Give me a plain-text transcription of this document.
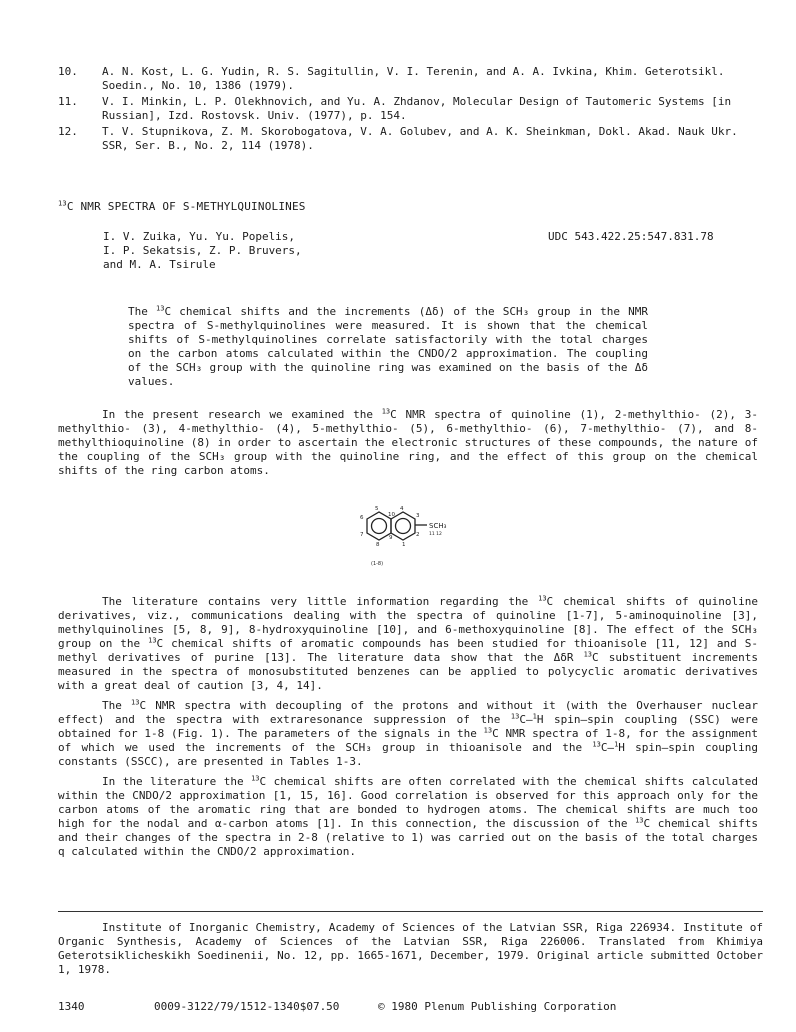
10.	A. N. Kost, L. G. Yudin, R. S. Sagitullin, V. I. Terenin, and A. A. Ivkina, Khim. Geterotsikl. Soedin., No. 10, 1386 (1979).
11.	V. I. Minkin, L. P. Olekhnovich, and Yu. A. Zhdanov, Molecular Design of Tautomeric Systems [in Russian], Izd. Rostovsk. Univ. (1977), p. 154.
12.	T. V. Stupnikova, Z. M. Skorobogatova, V. A. Golubev, and A. K. Sheinkman, Dokl. Akad. Nauk Ukr. SSR, Ser. B., No. 2, 114 (1978).
$^{13}$C NMR SPECTRA OF S-METHYLQUINOLINES
I. V. Zuika, Yu. Yu. Popelis,
I. P. Sekatsis, Z. P. Bruvers,
and M. A. Tsirule
UDC 543.422.25:547.831.78
The $^{13}$C chemical shifts and the increments (Δδ) of the SCH₃ group in the NMR spectra of S-methylquinolines were measured. It is shown that the chemical shifts of S-methylquinolines correlate satisfactorily with the total charges on the carbon atoms calculated within the CNDO/2 approximation. The coupling of the SCH₃ group with the quinoline ring was examined on the basis of the Δδ values.

In the present research we examined the $^{13}$C NMR spectra of quinoline (1), 2-methylthio- (2), 3-methylthio- (3), 4-methylthio- (4), 5-methylthio- (5), 6-methylthio- (6), 7-methylthio- (7), and 8-methylthioquinoline (8) in order to ascertain the electronic structures of these compounds, the nature of the coupling of the SCH₃ group with the quinoline ring, and the effect of this group on the chemical shifts of the ring carbon atoms.

5
10
4
3
6
7
8
9	2
1
SCH₃
11 12
(1-8)

The literature contains very little information regarding the $^{13}$C chemical shifts of quinoline derivatives, viz., communications dealing with the spectra of quinoline [1-7], 5-aminoquinoline [3], methylquinolines [5, 8, 9], 8-hydroxyquinoline [10], and 6-methoxyquinoline [8]. The effect of the SCH₃ group on the $^{13}$C chemical shifts of aromatic compounds has been studied for thioanisole [11, 12] and S-methyl derivatives of purine [13]. The literature data show that the ΔδR $^{13}$C substituent increments measured in the spectra of monosubstituted benzenes can be applied to polycyclic aromatic derivatives with a great deal of caution [3, 4, 14].

The $^{13}$C NMR spectra with decoupling of the protons and without it (with the Overhauser nuclear effect) and the spectra with extraresonance suppression of the $^{13}$C—$^1$H spin—spin coupling (SSC) were obtained for 1-8 (Fig. 1). The parameters of the signals in the $^{13}$C NMR spectra of 1-8, for the assignment of which we used the increments of the SCH₃ group in thioanisole and the $^{13}$C—$^1$H spin—spin coupling constants (SSCC), are presented in Tables 1-3.

In the literature the $^{13}$C chemical shifts are often correlated with the chemical shifts calculated within the CNDO/2 approximation [1, 15, 16]. Good correlation is observed for this approach only for the carbon atoms of the aromatic ring that are bonded to hydrogen atoms. The chemical shifts are much too high for the nodal and α-carbon atoms [1]. In this connection, the discussion of the $^{13}$C chemical shifts and their changes of the spectra in 2-8 (relative to 1) was carried out on the basis of the total charges q calculated within the CNDO/2 approximation.

Institute of Inorganic Chemistry, Academy of Sciences of the Latvian SSR, Riga 226934. Institute of Organic Synthesis, Academy of Sciences of the Latvian SSR, Riga 226006. Translated from Khimiya Geterotsiklicheskikh Soedinenii, No. 12, pp. 1665-1671, December, 1979. Original article submitted October 1, 1978.

1340	0009-3122/79/1512-1340$07.50	© 1980 Plenum Publishing Corporation
